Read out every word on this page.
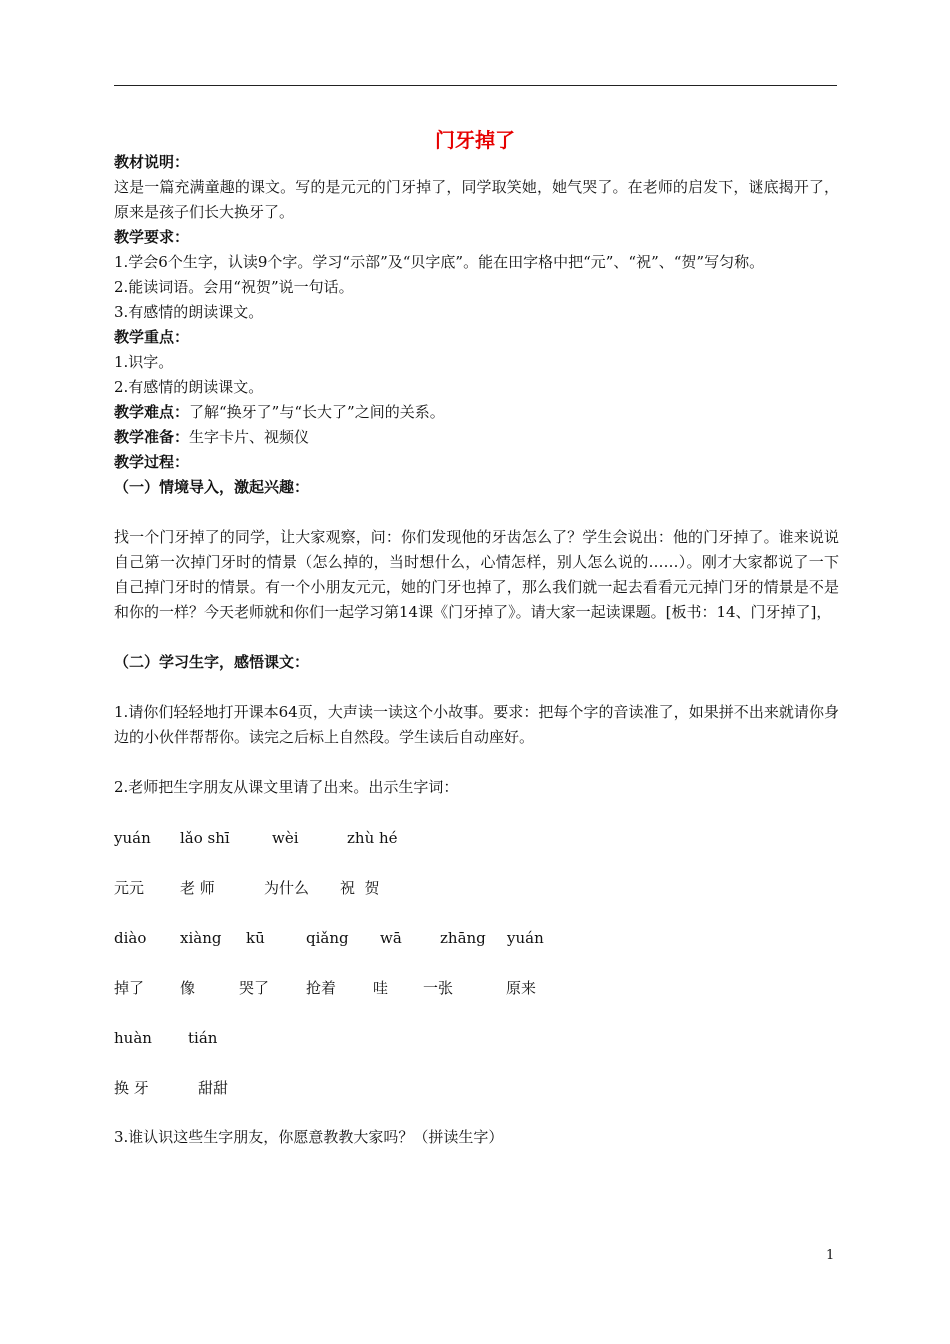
门牙掉了

教材说明：

这是一篇充满童趣的课文。写的是元元的门牙掉了，同学取笑她，她气哭了。在老师的启发下，谜底揭开了，原来是孩子们长大换牙了。

教学要求：

1.学会6个生字，认读9个字。学习“示部”及“贝字底”。能在田字格中把“元”、“祝”、“贺”写匀称。

2.能读词语。会用“祝贺”说一句话。

3.有感情的朗读课文。

教学重点：

1.识字。

2.有感情的朗读课文。

教学难点：了解“换牙了”与“长大了”之间的关系。

教学准备：生字卡片、视频仪

教学过程：

（一）情境导入，激起兴趣：

找一个门牙掉了的同学，让大家观察，问：你们发现他的牙齿怎么了？学生会说出：他的门牙掉了。谁来说说自己第一次掉门牙时的情景（怎么掉的，当时想什么，心情怎样，别人怎么说的……）。刚才大家都说了一下自己掉门牙时的情景。有一个小朋友元元，她的门牙也掉了，那么我们就一起去看看元元掉门牙的情景是不是和你的一样？今天老师就和你们一起学习第14课《门牙掉了》。请大家一起读课题。[板书：14、门牙掉了]，

（二）学习生字，感悟课文：

1.请你们轻轻地打开课本64页，大声读一读这个小故事。要求：把每个字的音读准了，如果拼不出来就请你身边的小伙伴帮帮你。读完之后标上自然段。学生读后自动座好。

2.老师把生字朋友从课文里请了出来。出示生字词：

yuán	lǎo shī	wèi	zhù hé
元元	老 师	为什么	祝  贺
diào	xiàng	kū	qiǎng	wā	zhāng	yuán
掉了	像	哭了	抢着	哇	一张	原来
huàn	tián
换 牙	甜甜

3.谁认识这些生字朋友，你愿意教教大家吗？（拼读生字）

1
